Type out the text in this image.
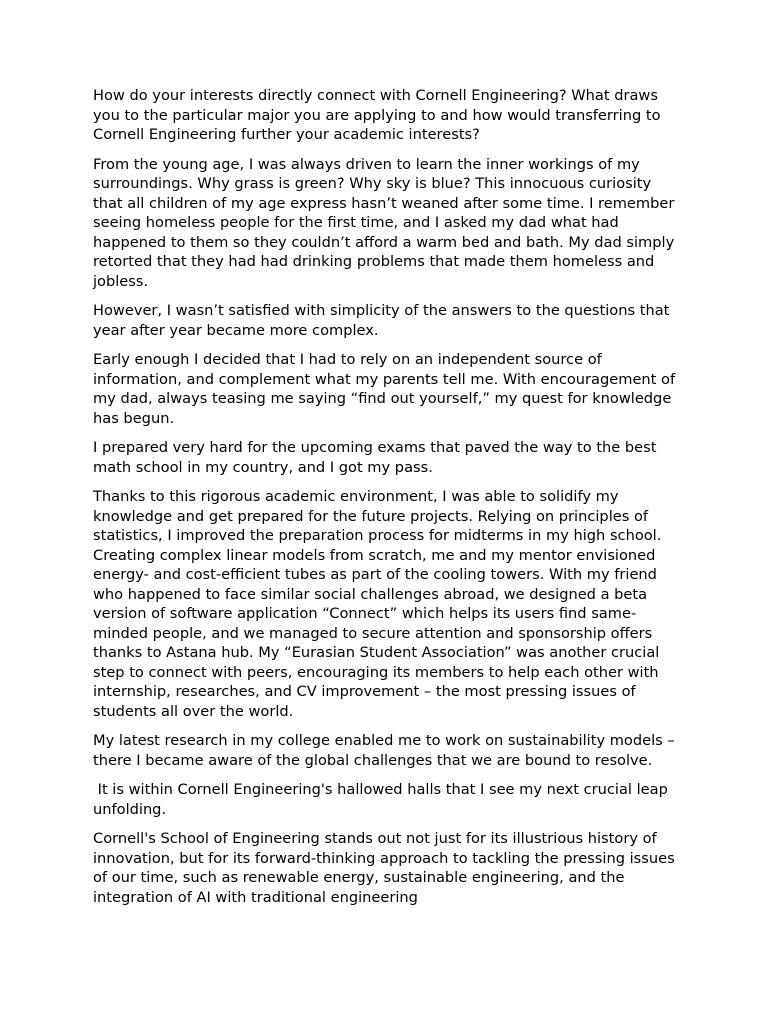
How do your interests directly connect with Cornell Engineering? What draws you to the particular major you are applying to and how would transferring to Cornell Engineering further your academic interests?

From the young age, I was always driven to learn the inner workings of my surroundings. Why grass is green? Why sky is blue? This innocuous curiosity that all children of my age express hasn’t weaned after some time. I remember seeing homeless people for the first time, and I asked my dad what had happened to them so they couldn’t afford a warm bed and bath. My dad simply retorted that they had had drinking problems that made them homeless and jobless.

However, I wasn’t satisfied with simplicity of the answers to the questions that year after year became more complex.

Early enough I decided that I had to rely on an independent source of information, and complement what my parents tell me. With encouragement of my dad, always teasing me saying “find out yourself,” my quest for knowledge has begun.

I prepared very hard for the upcoming exams that paved the way to the best math school in my country, and I got my pass.

Thanks to this rigorous academic environment, I was able to solidify my knowledge and get prepared for the future projects. Relying on principles of statistics, I improved the preparation process for midterms in my high school. Creating complex linear models from scratch, me and my mentor envisioned energy- and cost-efficient tubes as part of the cooling towers. With my friend who happened to face similar social challenges abroad, we designed a beta version of software application “Connect” which helps its users find same-minded people, and we managed to secure attention and sponsorship offers thanks to Astana hub. My “Eurasian Student Association” was another crucial step to connect with peers, encouraging its members to help each other with internship, researches, and CV improvement – the most pressing issues of students all over the world.

My latest research in my college enabled me to work on sustainability models – there I became aware of the global challenges that we are bound to resolve.

It is within Cornell Engineering's hallowed halls that I see my next crucial leap unfolding.

Cornell's School of Engineering stands out not just for its illustrious history of innovation, but for its forward-thinking approach to tackling the pressing issues of our time, such as renewable energy, sustainable engineering, and the integration of AI with traditional engineering
